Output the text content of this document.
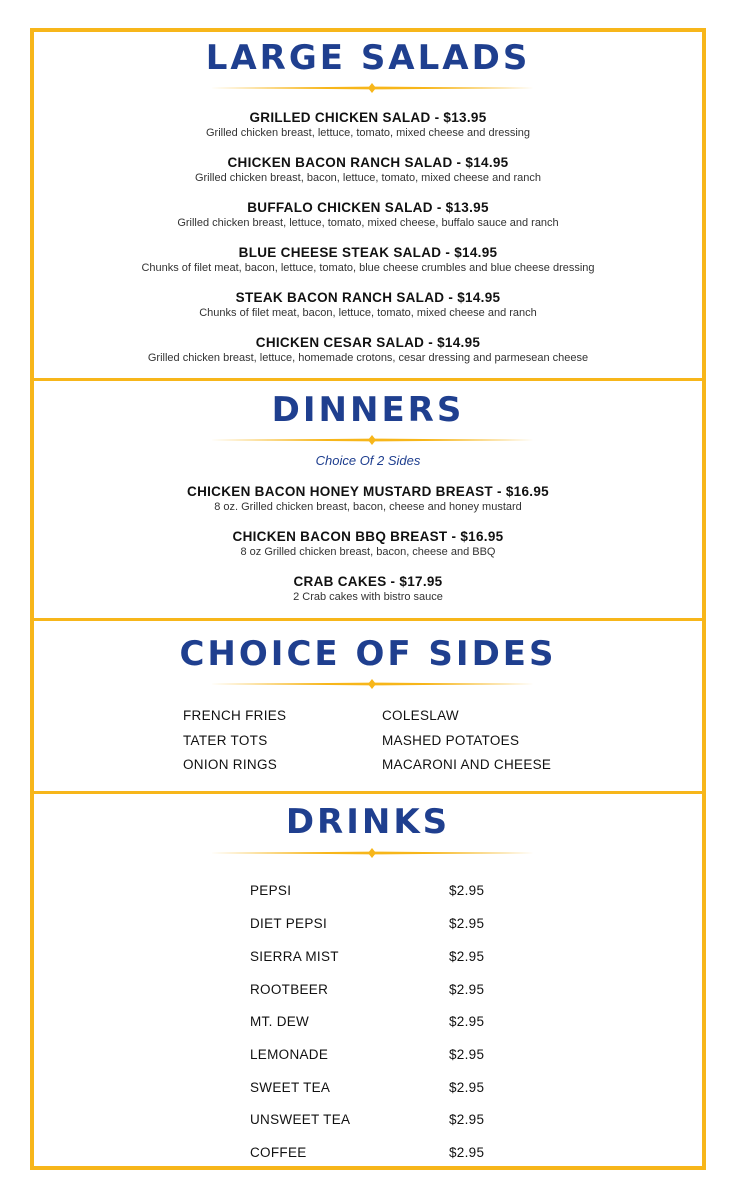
LARGE SALADS
GRILLED CHICKEN SALAD - $13.95
Grilled chicken breast, lettuce, tomato, mixed cheese and dressing
CHICKEN BACON RANCH SALAD - $14.95
Grilled chicken breast, bacon, lettuce, tomato, mixed cheese and ranch
BUFFALO CHICKEN SALAD - $13.95
Grilled chicken breast, lettuce, tomato, mixed cheese, buffalo sauce and ranch
BLUE CHEESE STEAK SALAD - $14.95
Chunks of filet meat, bacon, lettuce, tomato, blue cheese crumbles and blue cheese dressing
STEAK BACON RANCH SALAD - $14.95
Chunks of filet meat, bacon, lettuce, tomato, mixed cheese and ranch
CHICKEN CESAR SALAD - $14.95
Grilled chicken breast, lettuce, homemade crotons, cesar dressing and parmesean cheese
DINNERS
Choice Of 2 Sides
CHICKEN BACON HONEY MUSTARD BREAST - $16.95
8 oz. Grilled chicken breast, bacon, cheese and honey mustard
CHICKEN BACON BBQ BREAST - $16.95
8 oz Grilled chicken breast, bacon, cheese and BBQ
CRAB CAKES - $17.95
2 Crab cakes with bistro sauce
CHOICE OF SIDES
FRENCH FRIES
TATER TOTS
ONION RINGS
COLESLAW
MASHED POTATOES
MACARONI AND CHEESE
DRINKS
PEPSI	$2.95
DIET PEPSI	$2.95
SIERRA MIST	$2.95
ROOTBEER	$2.95
MT. DEW	$2.95
LEMONADE	$2.95
SWEET TEA	$2.95
UNSWEET TEA	$2.95
COFFEE	$2.95
